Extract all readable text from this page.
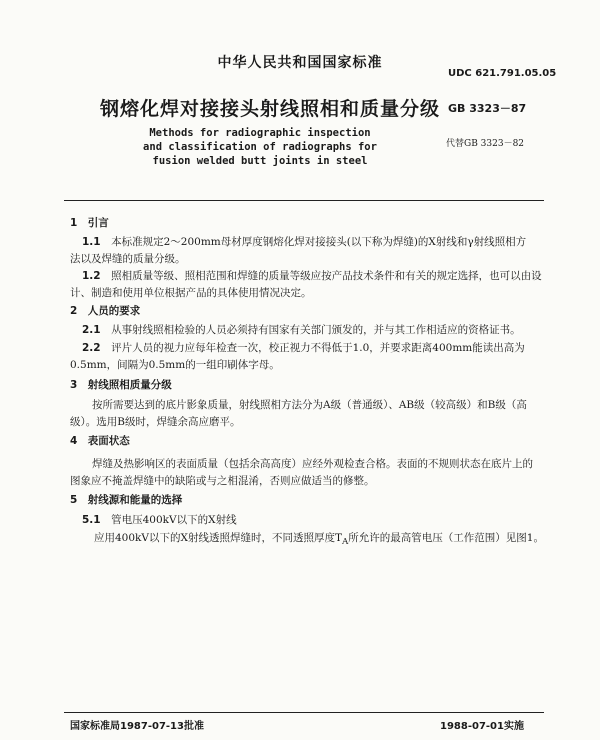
中华人民共和国国家标准
UDC 621.791.05.05
钢熔化焊对接接头射线照相和质量分级 GB 3323－87
Methods for radiographic inspection
and classification of radiographs for
fusion welded butt joints in steel
代替GB 3323－82
1　引言
1.1　 本标准规定2～200mm母材厚度钢熔化焊对接接头(以下称为焊缝)的X射线和γ射线照相方
法以及焊缝的质量分级。
1.2　 照相质量等级、照相范围和焊缝的质量等级应按产品技术条件和有关的规定选择，也可以由设
计、制造和使用单位根据产品的具体使用情况决定。
2　人员的要求
2.1　 从事射线照相检验的人员必须持有国家有关部门颁发的，并与其工作相适应的资格证书。
2.2　 评片人员的视力应每年检查一次，校正视力不得低于1.0，并要求距离400mm能读出高为
0.5mm，间隔为0.5mm的一组印刷体字母。
3　射线照相质量分级
按所需要达到的底片影象质量，射线照相方法分为A级（普通级）、AB级（较高级）和B级（高
级）。选用B级时，焊缝余高应磨平。
4　表面状态
焊缝及热影响区的表面质量（包括余高高度）应经外观检查合格。表面的不规则状态在底片上的
图象应不掩盖焊缝中的缺陷或与之相混淆，否则应做适当的修整。
5　射线源和能量的选择
5.1　 管电压400kV以下的X射线
应用400kV以下的X射线透照焊缝时，不同透照厚度$T_A$所允许的最高管电压（工作范围）见图1。
国家标准局1987-07-13批准	1988-07-01实施
